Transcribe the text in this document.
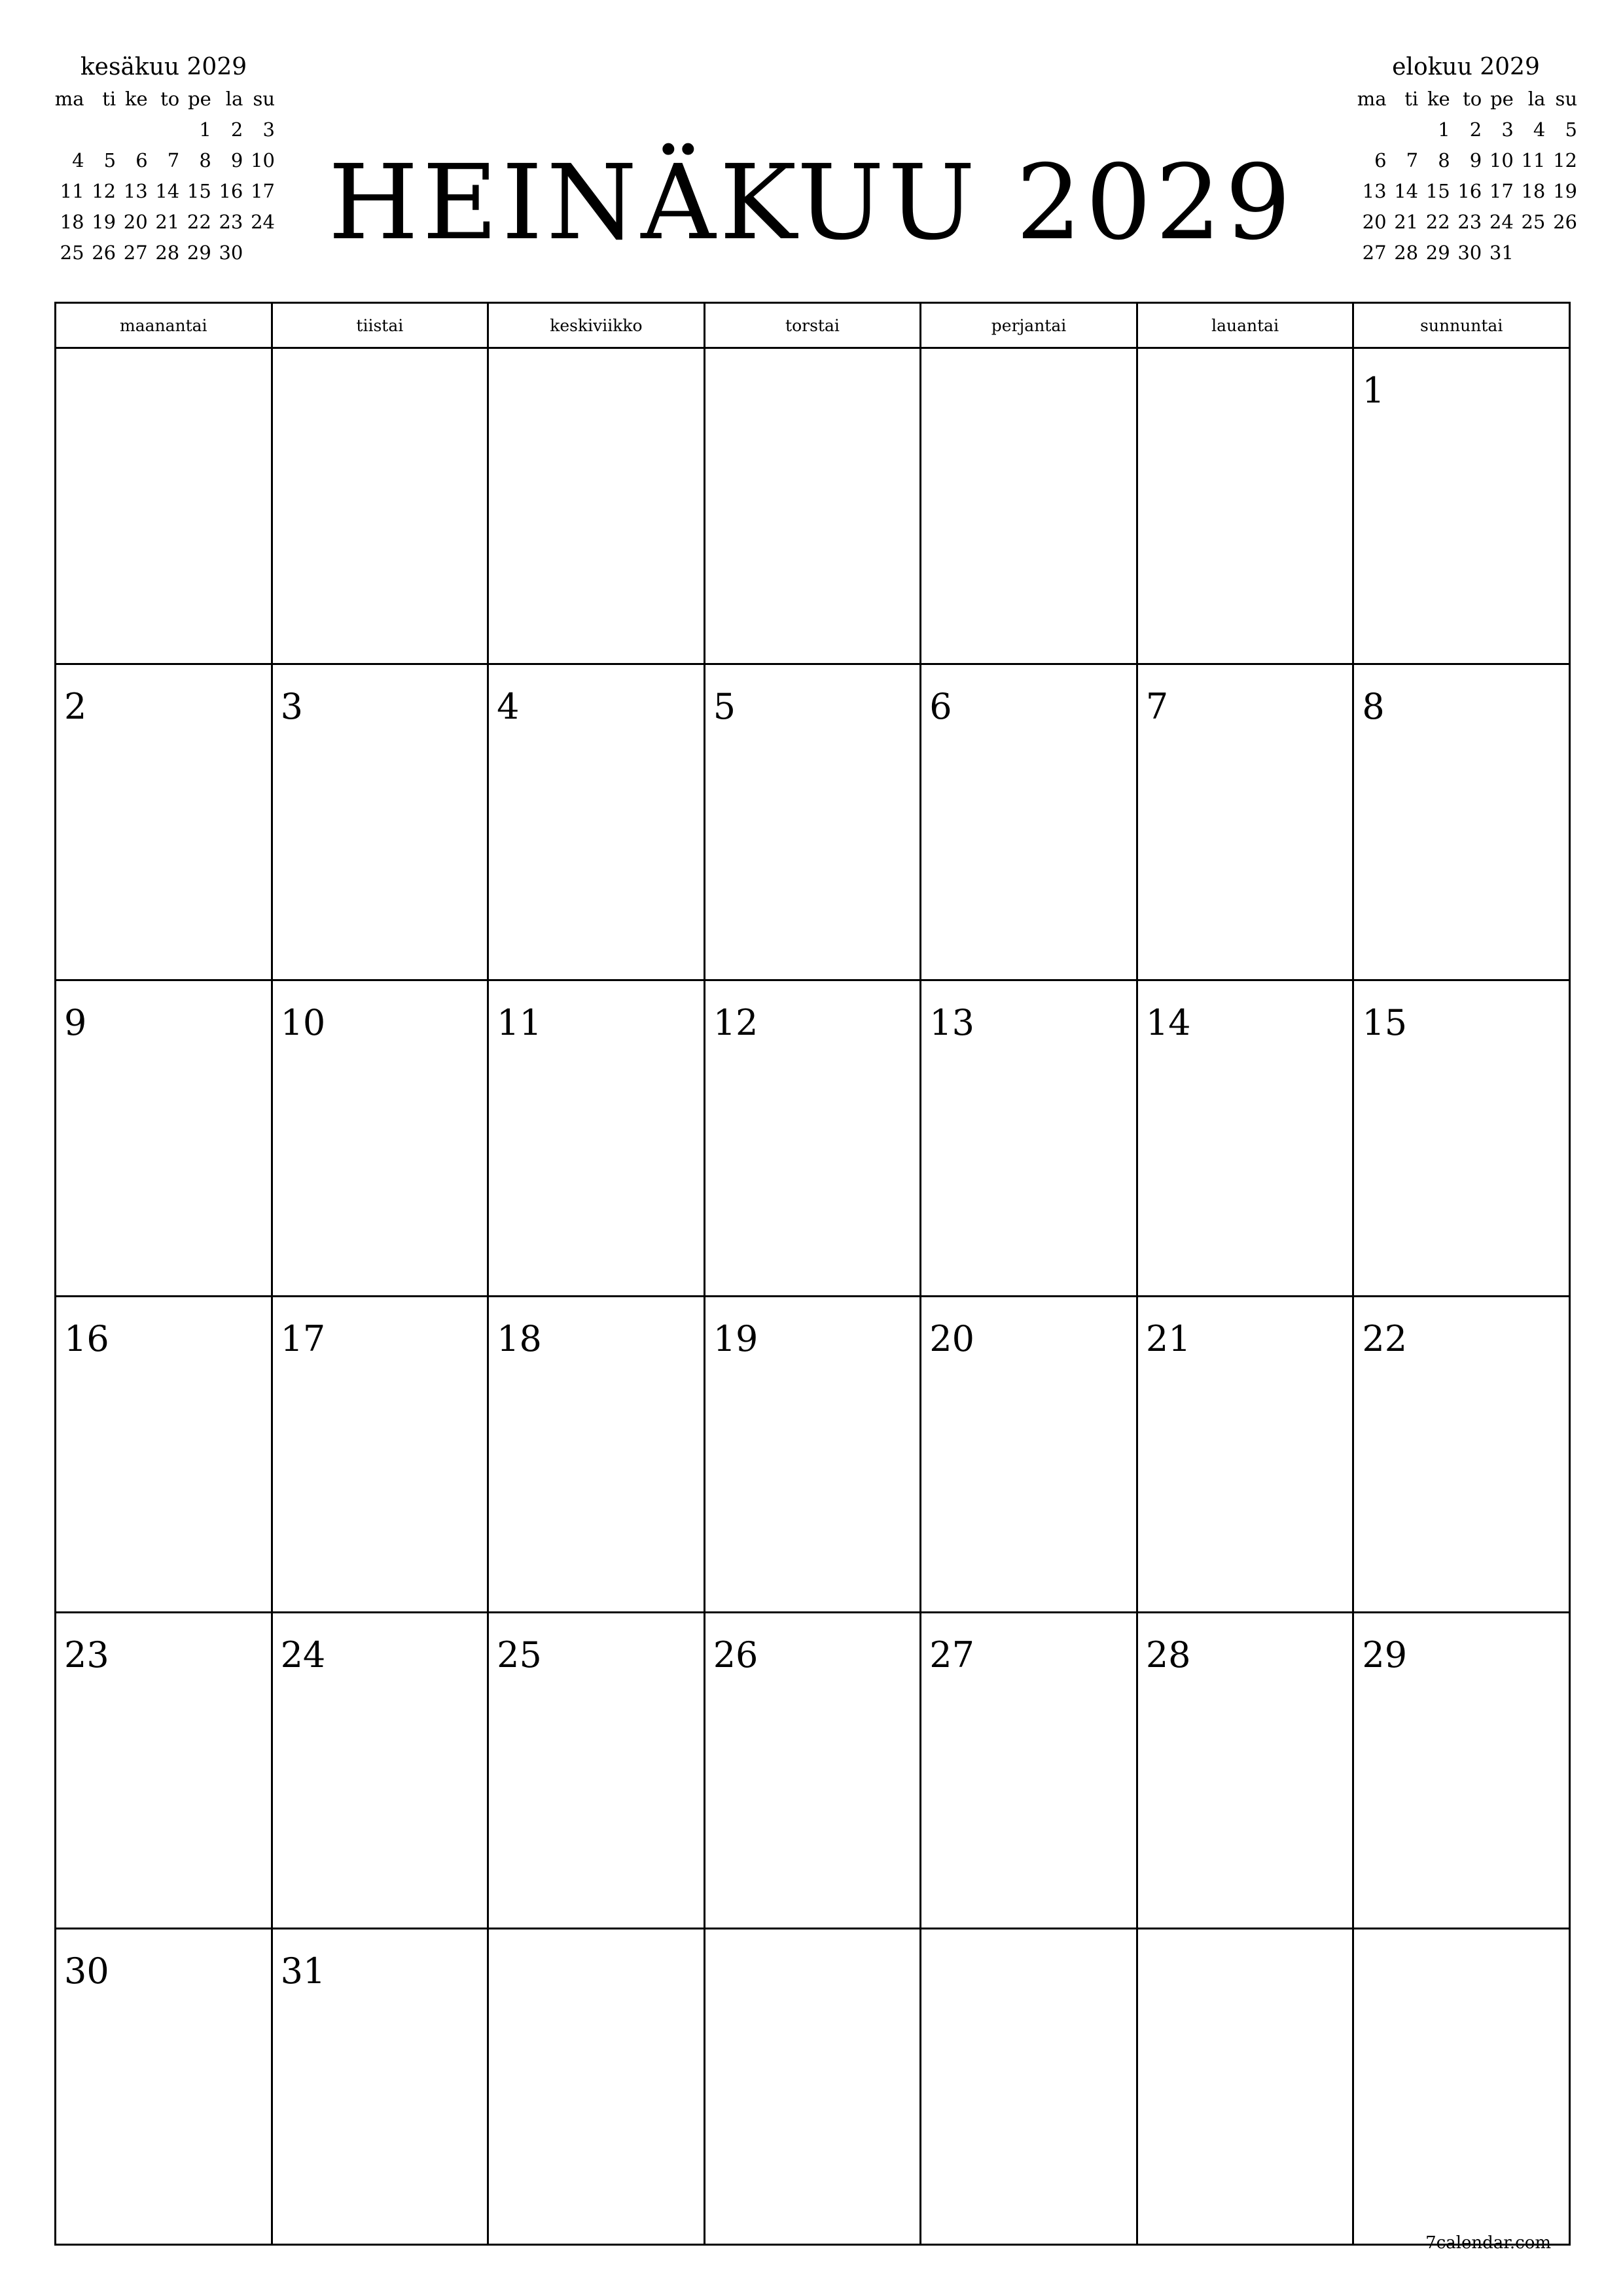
kesäkuu 2029
ma	ti	ke	to	pe	la	su
				1	2	3
4	5	6	7	8	9	10
11	12	13	14	15	16	17
18	19	20	21	22	23	24
25	26	27	28	29	30	HEINÄKUU 2029
elokuu 2029
ma	ti	ke	to	pe	la	su
		1	2	3	4	5
6	7	8	9	10	11	12
13	14	15	16	17	18	19
20	21	22	23	24	25	26
27	28	29	30	31		
maanantai	tiistai	keskiviikko	torstai	perjantai	lauantai	sunnuntai

						1

2	3	4	5	6	7	8

9	10	11	12	13	14	15

16	17	18	19	20	21	22

23	24	25	26	27	28	29

30	31					

7calendar.com
